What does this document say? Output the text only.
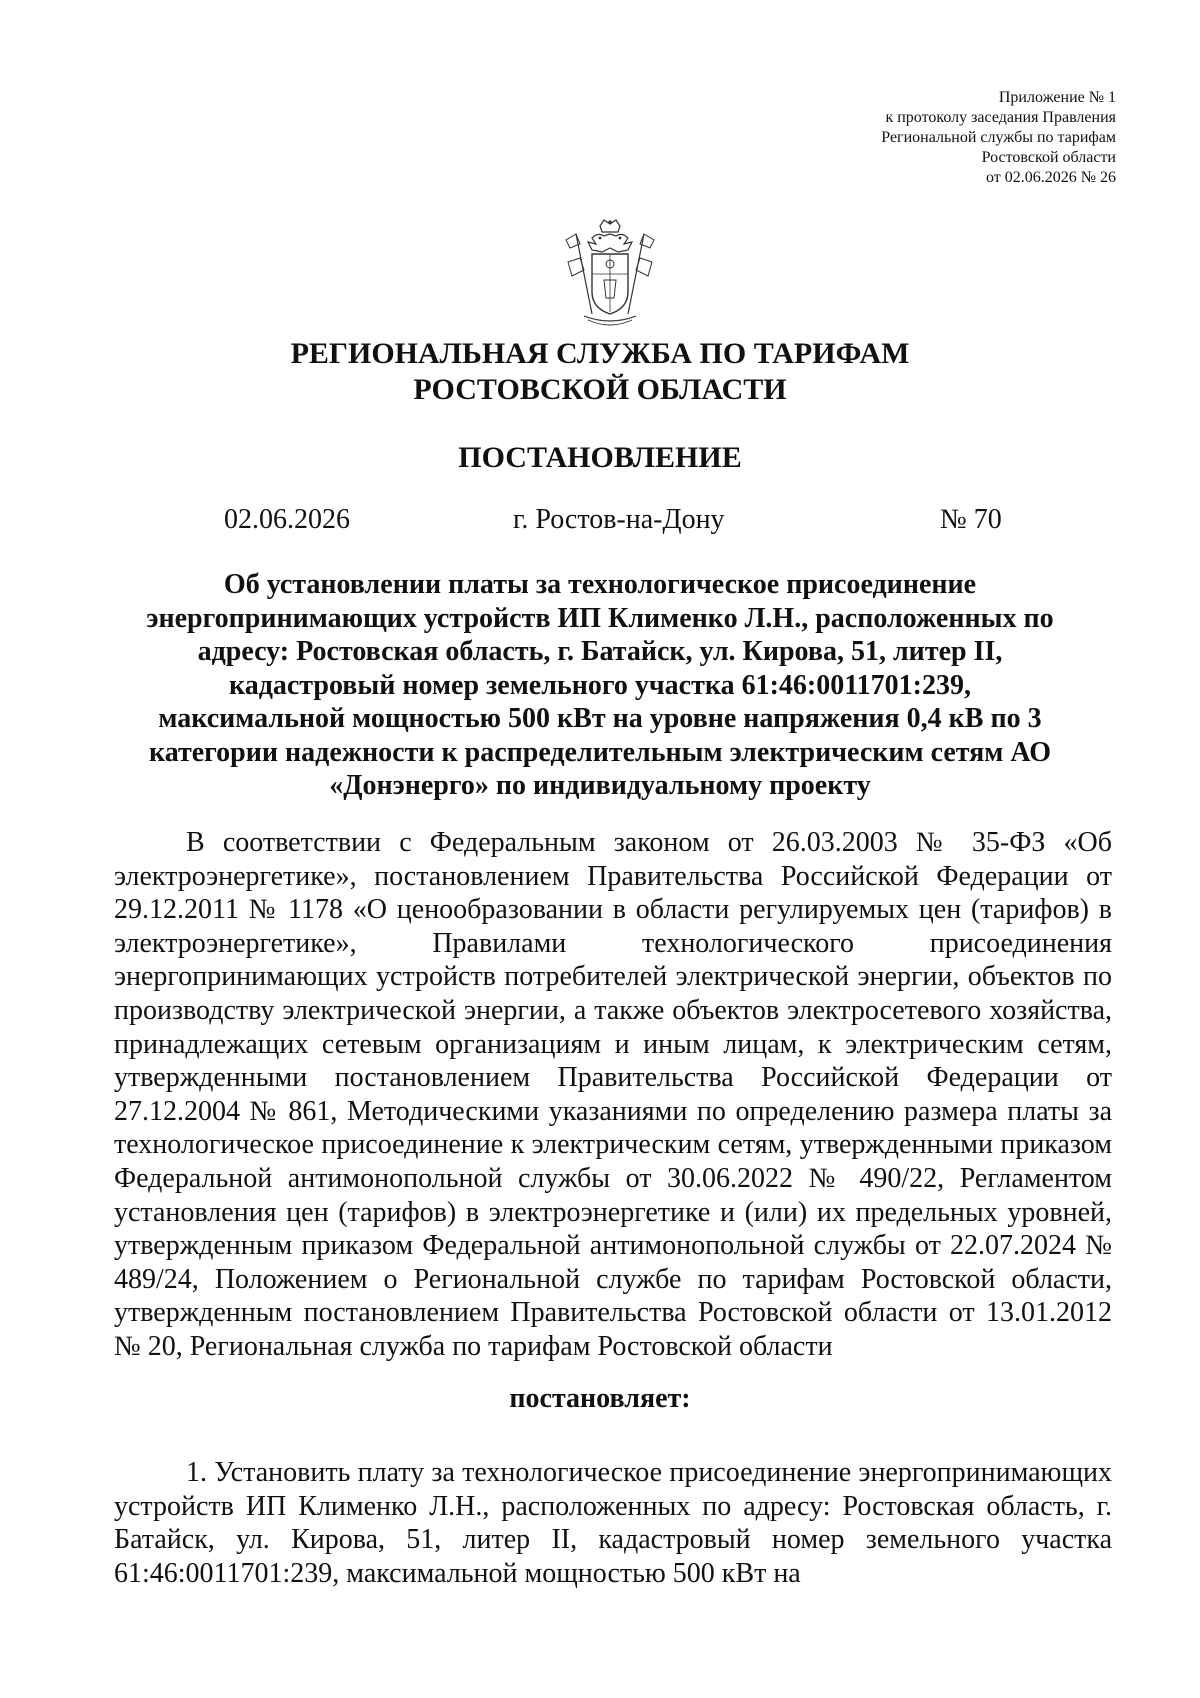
Приложение № 1
к протоколу заседания Правления
Региональной службы по тарифам
Ростовской области
от 02.06.2026 № 26
РЕГИОНАЛЬНАЯ СЛУЖБА ПО ТАРИФАМ
РОСТОВСКОЙ ОБЛАСТИ
ПОСТАНОВЛЕНИЕ
02.06.2026	г. Ростов-на-Дону	№ 70
Об установлении платы за технологическое присоединение энергопринимающих устройств ИП Клименко Л.Н., расположенных по адресу: Ростовская область, г. Батайск, ул. Кирова, 51, литер II, кадастровый номер земельного участка 61:46:0011701:239, максимальной мощностью 500 кВт на уровне напряжения 0,4 кВ по 3 категории надежности к распределительным электрическим сетям АО «Донэнерго» по индивидуальному проекту

В соответствии с Федеральным законом от 26.03.2003 № 35-ФЗ «Об электроэнергетике», постановлением Правительства Российской Федерации от 29.12.2011 № 1178 «О ценообразовании в области регулируемых цен (тарифов) в электроэнергетике», Правилами технологического присоединения энергопринимающих устройств потребителей электрической энергии, объектов по производству электрической энергии, а также объектов электросетевого хозяйства, принадлежащих сетевым организациям и иным лицам, к электрическим сетям, утвержденными постановлением Правительства Российской Федерации от 27.12.2004 № 861, Методическими указаниями по определению размера платы за технологическое присоединение к электрическим сетям, утвержденными приказом Федеральной антимонопольной службы от 30.06.2022 № 490/22, Регламентом установления цен (тарифов) в электроэнергетике и (или) их предельных уровней, утвержденным приказом Федеральной антимонопольной службы от 22.07.2024 № 489/24, Положением о Региональной службе по тарифам Ростовской области, утвержденным постановлением Правительства Ростовской области от 13.01.2012 № 20, Региональная служба по тарифам Ростовской области

постановляет:

1. Установить плату за технологическое присоединение энергопринимающих устройств ИП Клименко Л.Н., расположенных по адресу: Ростовская область, г. Батайск, ул. Кирова, 51, литер II, кадастровый номер земельного участка 61:46:0011701:239, максимальной мощностью 500 кВт на
